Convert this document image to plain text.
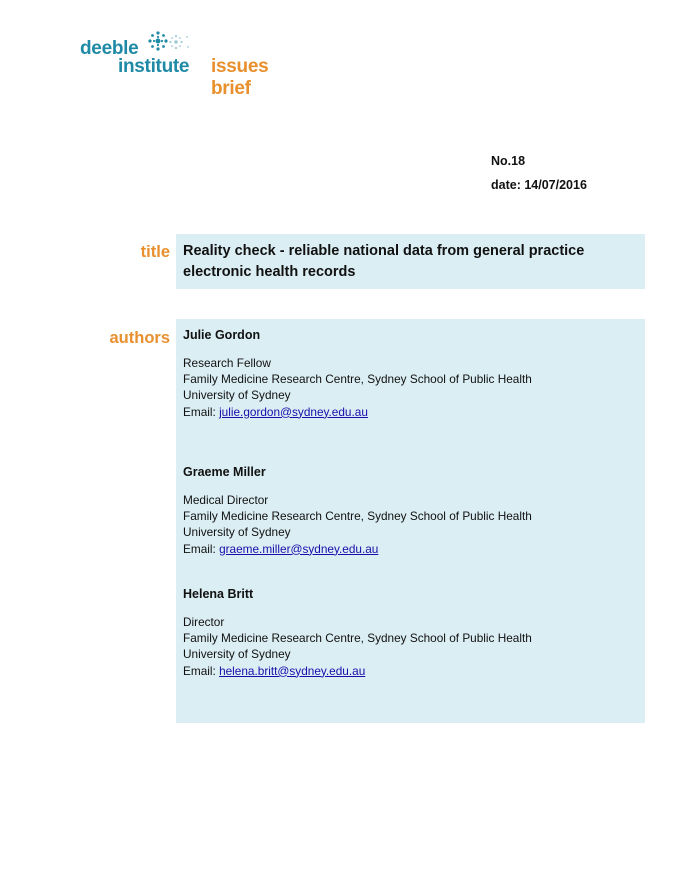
deeble
institute issues brief
No.18
date: 14/07/2016
title Reality check - reliable national data from general practice
electronic health records
authors Julie Gordon
Research Fellow
Family Medicine Research Centre, Sydney School of Public Health
University of Sydney
Email: julie.gordon@sydney.edu.au
Graeme Miller
Medical Director
Family Medicine Research Centre, Sydney School of Public Health
University of Sydney
Email: graeme.miller@sydney.edu.au
Helena Britt
Director
Family Medicine Research Centre, Sydney School of Public Health
University of Sydney
Email: helena.britt@sydney.edu.au
